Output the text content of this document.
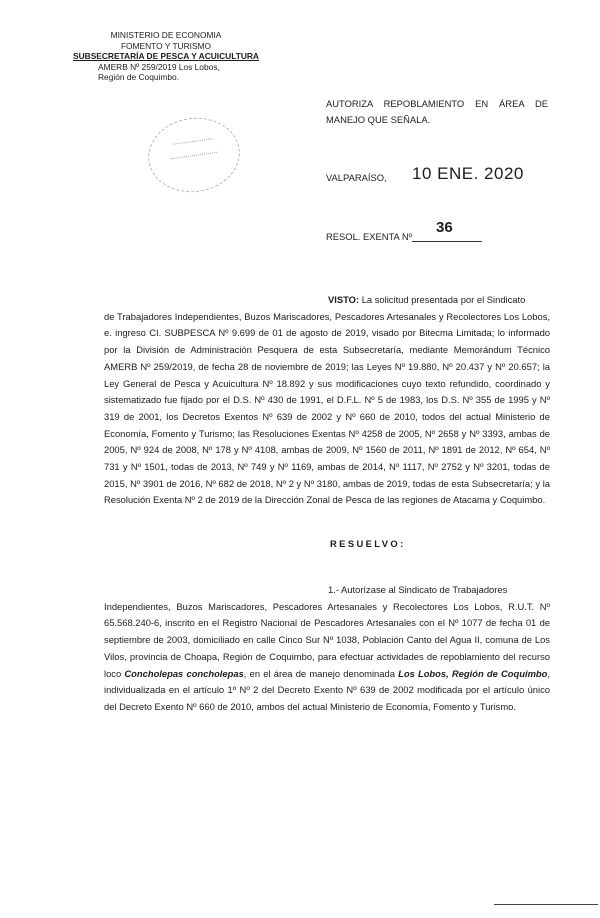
MINISTERIO DE ECONOMIA
FOMENTO Y TURISMO
SUBSECRETARÍA DE PESCA Y ACUICULTURA
AMERB Nº 259/2019 Los Lobos,
Región de Coquimbo.
AUTORIZA REPOBLAMIENTO EN ÁREA DE
MANEJO QUE SEÑALA.
VALPARAÍSO, 10 ENE. 2020
RESOL. EXENTA Nº
36
VISTO: La solicitud presentada por el Sindicato
de Trabajadores Independientes, Buzos Mariscadores, Pescadores Artesanales y Recolectores Los Lobos, e. ingreso CI. SUBPESCA Nº 9.699 de 01 de agosto de 2019, visado por Bitecma Limitada; lo informado por la División de Administración Pesquera de esta Subsecretaría, mediante Memorándum Técnico AMERB Nº 259/2019, de fecha 28 de noviembre de 2019; las Leyes Nº 19.880, Nº 20.437 y Nº 20.657; la Ley General de Pesca y Acuicultura Nº 18.892 y sus modificaciones cuyo texto refundido, coordinado y sistematizado fue fijado por el D.S. Nº 430 de 1991, el D.F.L. Nº 5 de 1983, los D.S. Nº 355 de 1995 y Nº 319 de 2001, los Decretos Exentos Nº 639 de 2002 y Nº 660 de 2010, todos del actual Ministerio de Economía, Fomento y Turismo; las Resoluciones Exentas Nº 4258 de 2005, Nº 2658 y Nº 3393, ambas de 2005, Nº 924 de 2008, Nº 178 y Nº 4108, ambas de 2009, Nº 1560 de 2011, Nº 1891 de 2012, Nº 654, Nº 731 y Nº 1501, todas de 2013, Nº 749 y Nº 1169, ambas de 2014, Nº 1117, Nº 2752 y Nº 3201, todas de 2015, Nº 3901 de 2016, Nº 682 de 2018, Nº 2 y Nº 3180, ambas de 2019, todas de esta Subsecretaría; y la Resolución Exenta Nº 2 de 2019 de la Dirección Zonal de Pesca de las regiones de Atacama y Coquimbo.
RESUELVO:
1.- Autorízase al Sindicato de Trabajadores
Independientes, Buzos Mariscadores, Pescadores Artesanales y Recolectores Los Lobos, R.U.T. Nº 65.568.240-6, inscrito en el Registro Nacional de Pescadores Artesanales con el Nº 1077 de fecha 01 de septiembre de 2003, domiciliado en calle Cinco Sur Nº 1038, Población Canto del Agua II, comuna de Los Vilos, provincia de Choapa, Región de Coquimbo, para efectuar actividades de repoblamiento del recurso loco Concholepas concholepas, en el área de manejo denominada Los Lobos, Región de Coquimbo, individualizada en el artículo 1º Nº 2 del Decreto Exento Nº 639 de 2002 modificada por el artículo único del Decreto Exento Nº 660 de 2010, ambos del actual Ministerio de Economía, Fomento y Turismo.
